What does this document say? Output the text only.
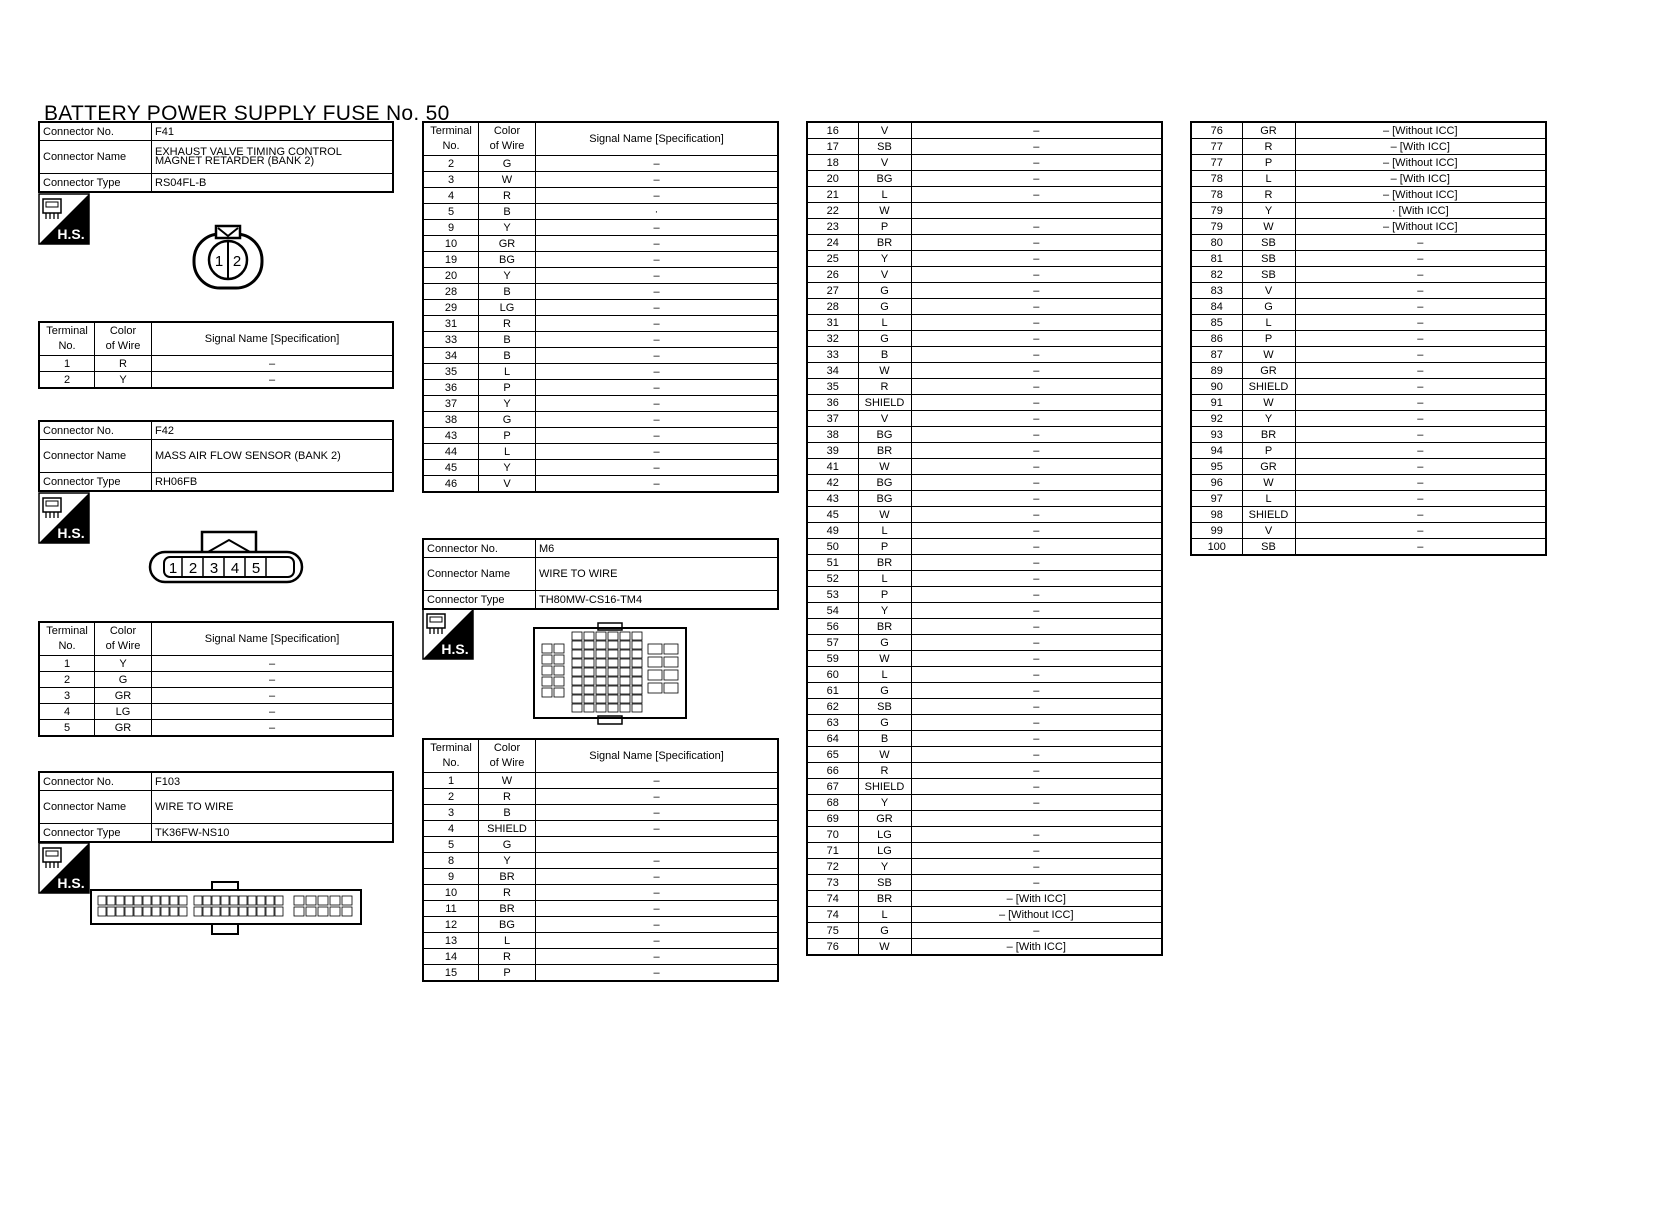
BATTERY POWER SUPPLY FUSE No. 50
Connector No.	F41
Connector Name	EXHAUST VALVE TIMING CONTROL MAGNET RETARDER (BANK 2)
Connector Type	RS04FL-B
H.S.
H.S.
H.S.
H.S.
1 2
Terminal
No.	Color
of Wire	Signal Name [Specification]
1	R	–
2	Y	–
Connector No.	F42
Connector Name	MASS AIR FLOW SENSOR (BANK 2)
Connector Type	RH06FB
1 2 3 4 5
Terminal
No.	Color
of Wire	Signal Name [Specification]
1	Y	–
2	G	–
3	GR	–
4	LG	–
5	GR	–
Connector No.	F103
Connector Name	WIRE TO WIRE
Connector Type	TK36FW-NS10
Terminal
No.	Color
of Wire	Signal Name [Specification]
2	G	–
3	W	–
4	R	–
5	B	·
9	Y	–
10	GR	–
19	BG	–
20	Y	–
28	B	–
29	LG	–
31	R	–
33	B	–
34	B	–
35	L	–
36	P	–
37	Y	–
38	G	–
43	P	–
44	L	–
45	Y	–
46	V	–
Connector No.	M6
Connector Name	WIRE TO WIRE
Connector Type	TH80MW-CS16-TM4
Terminal
No.	Color
of Wire	Signal Name [Specification]
1	W	–
2	R	–
3	B	–
4	SHIELD	–
5	G	
8	Y	–
9	BR	–
10	R	–
11	BR	–
12	BG	–
13	L	–
14	R	–
15	P	–
16	V	–
17	SB	–
18	V	–
20	BG	–
21	L	–
22	W	
23	P	–
24	BR	–
25	Y	–
26	V	–
27	G	–
28	G	–
31	L	–
32	G	–
33	B	–
34	W	–
35	R	–
36	SHIELD	–
37	V	–
38	BG	–
39	BR	–
41	W	–
42	BG	–
43	BG	–
45	W	–
49	L	–
50	P	–
51	BR	–
52	L	–
53	P	–
54	Y	–
56	BR	–
57	G	–
59	W	–
60	L	–
61	G	–
62	SB	–
63	G	–
64	B	–
65	W	–
66	R	–
67	SHIELD	–
68	Y	–
69	GR	
70	LG	–
71	LG	–
72	Y	–
73	SB	–
74	BR	– [With ICC]
74	L	– [Without ICC]
75	G	–
76	W	– [With ICC]
76	GR	– [Without ICC]
77	R	– [With ICC]
77	P	– [Without ICC]
78	L	– [With ICC]
78	R	– [Without ICC]
79	Y	· [With ICC]
79	W	– [Without ICC]
80	SB	–
81	SB	–
82	SB	–
83	V	–
84	G	–
85	L	–
86	P	–
87	W	–
89	GR	–
90	SHIELD	–
91	W	–
92	Y	–
93	BR	–
94	P	–
95	GR	–
96	W	–
97	L	–
98	SHIELD	–
99	V	–
100	SB	–
